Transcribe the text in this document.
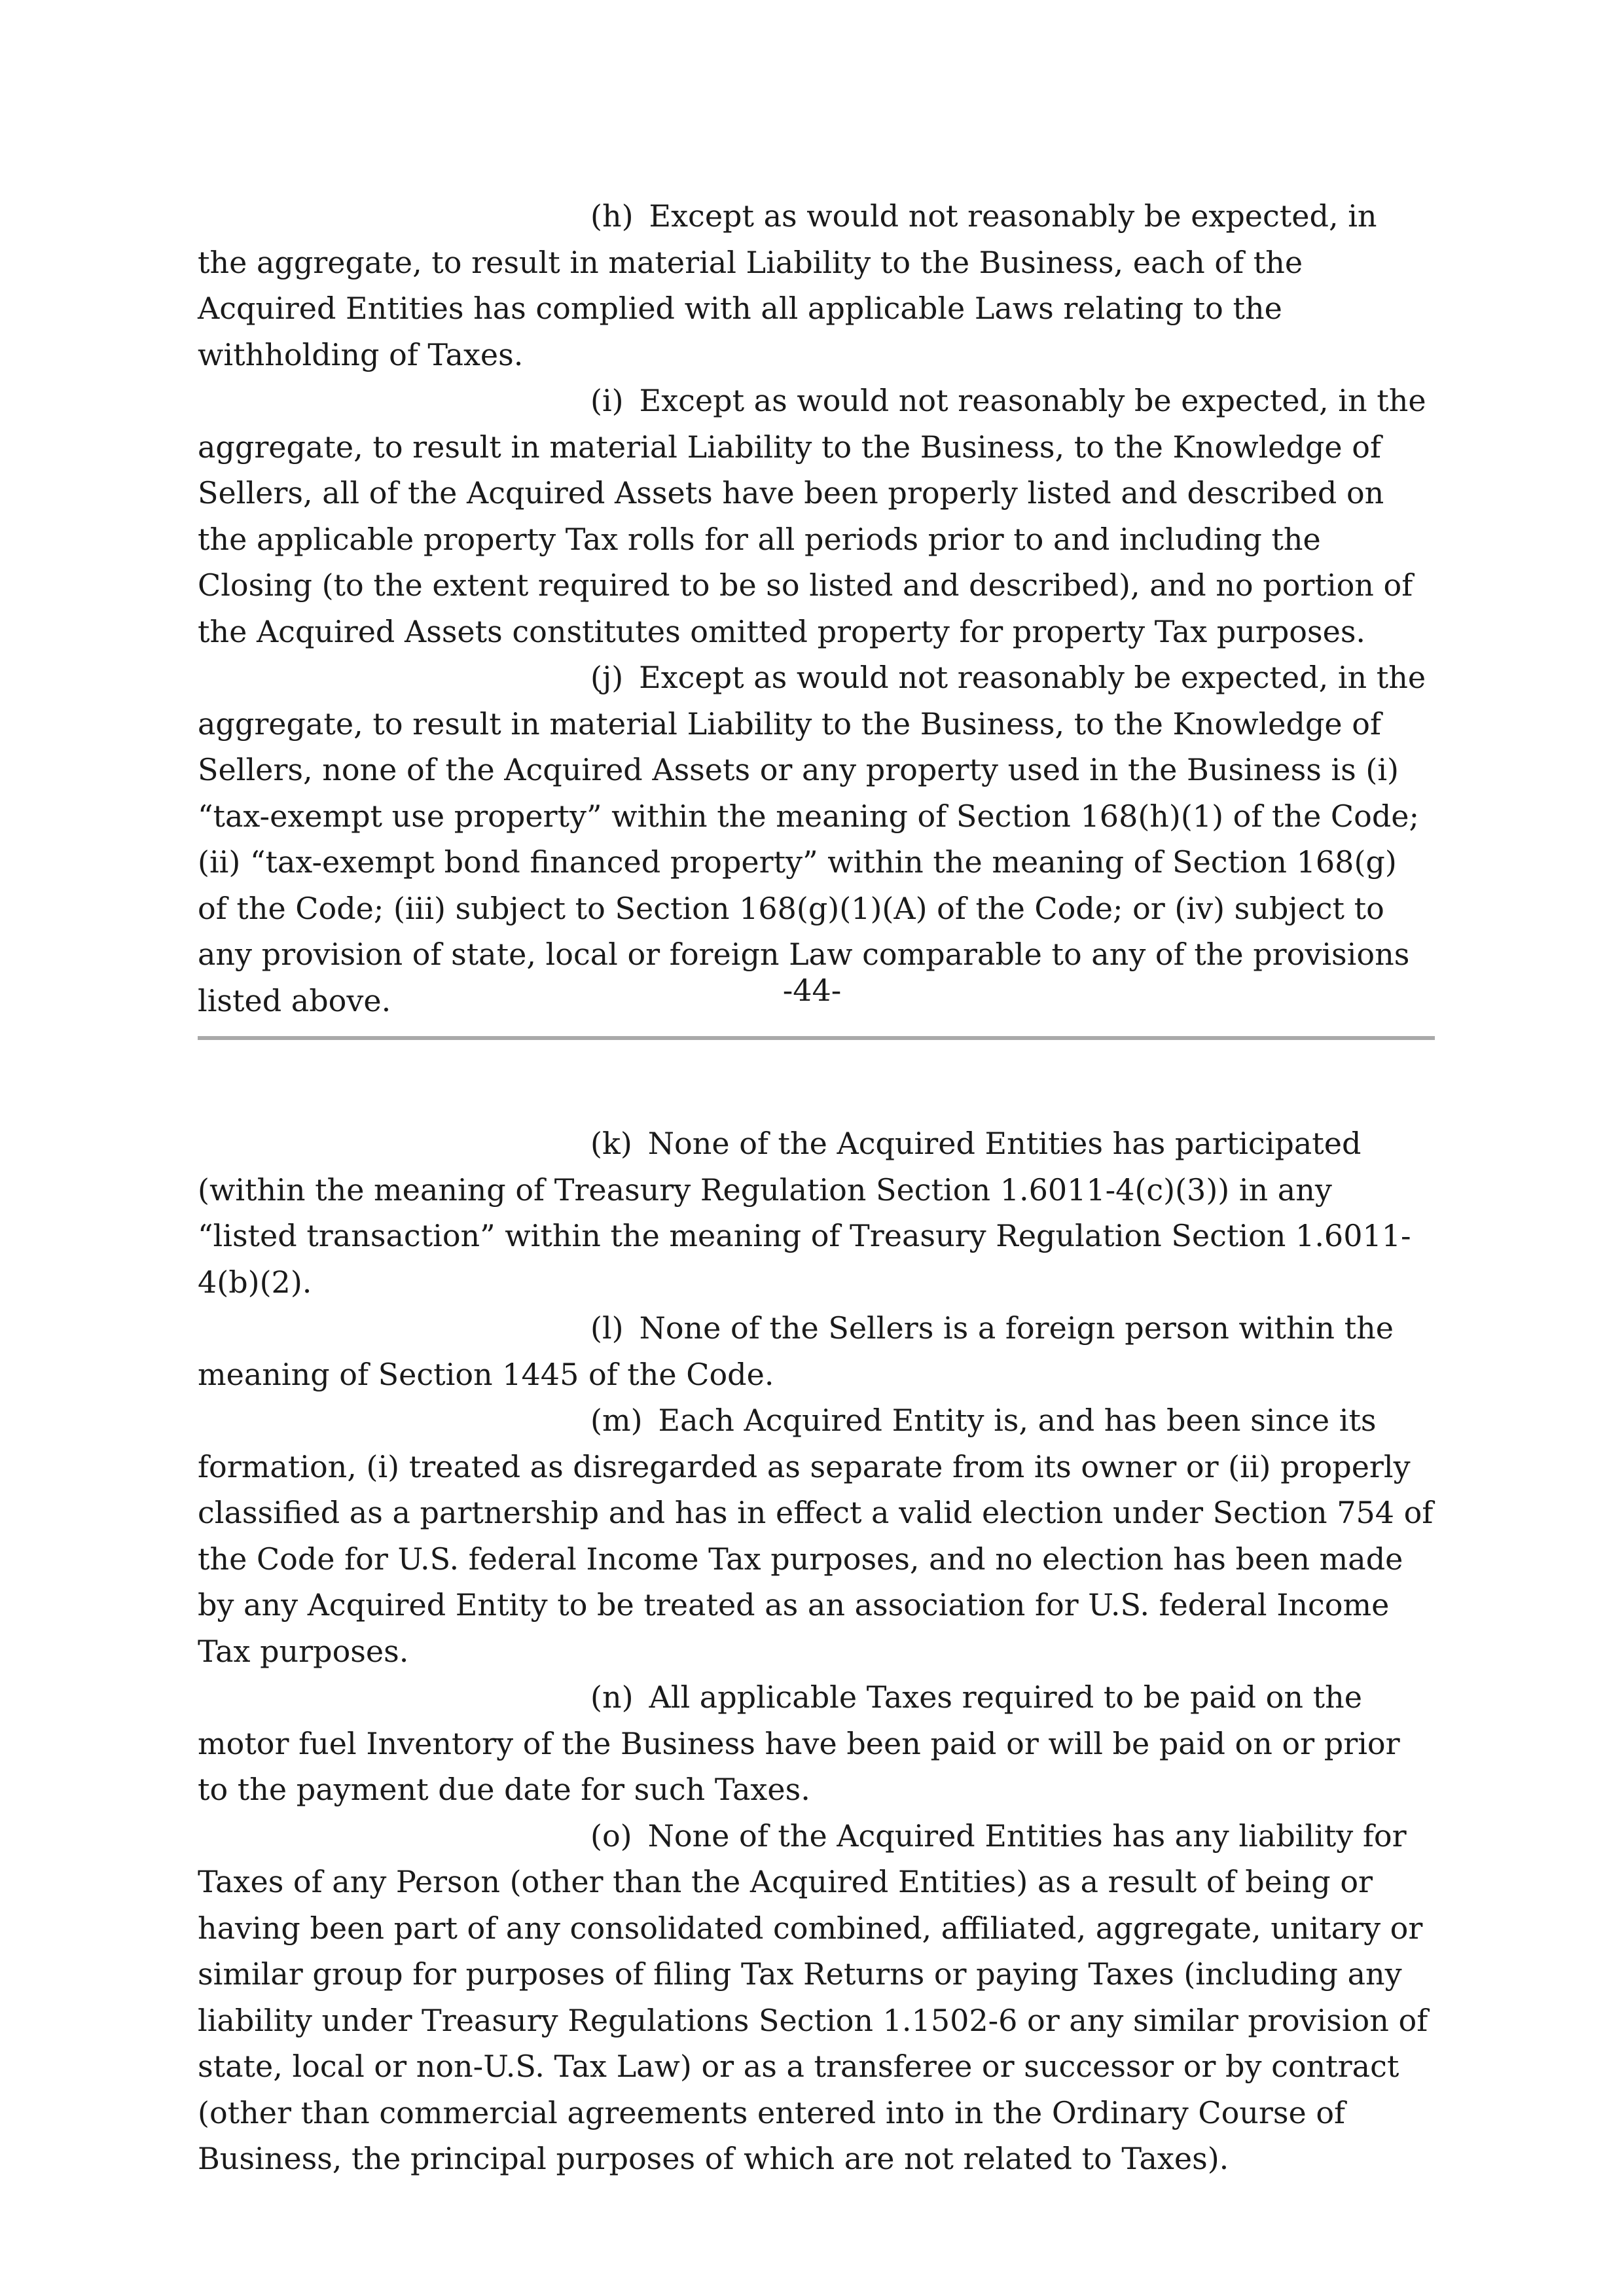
(h) Except as would not reasonably be expected, in the aggregate, to result in material Liability to the Business, each of the Acquired Entities has complied with all applicable Laws relating to the withholding of Taxes.

(i) Except as would not reasonably be expected, in the aggregate, to result in material Liability to the Business, to the Knowledge of Sellers, all of the Acquired Assets have been properly listed and described on the applicable property Tax rolls for all periods prior to and including the Closing (to the extent required to be so listed and described), and no portion of the Acquired Assets constitutes omitted property for property Tax purposes.

(j) Except as would not reasonably be expected, in the aggregate, to result in material Liability to the Business, to the Knowledge of Sellers, none of the Acquired Assets or any property used in the Business is (i) “tax-exempt use property” within the meaning of Section 168(h)(1) of the Code; (ii) “tax-exempt bond financed property” within the meaning of Section 168(g) of the Code; (iii) subject to Section 168(g)(1)(A) of the Code; or (iv) subject to any provision of state, local or foreign Law comparable to any of the provisions listed above.	-44-

(k) None of the Acquired Entities has participated (within the meaning of Treasury Regulation Section 1.6011-4(c)(3)) in any “listed transaction” within the meaning of Treasury Regulation Section 1.6011-4(b)(2).

(l) None of the Sellers is a foreign person within the meaning of Section 1445 of the Code.

(m) Each Acquired Entity is, and has been since its formation, (i) treated as disregarded as separate from its owner or (ii) properly classified as a partnership and has in effect a valid election under Section 754 of the Code for U.S. federal Income Tax purposes, and no election has been made by any Acquired Entity to be treated as an association for U.S. federal Income Tax purposes.

(n) All applicable Taxes required to be paid on the motor fuel Inventory of the Business have been paid or will be paid on or prior to the payment due date for such Taxes.

(o) None of the Acquired Entities has any liability for Taxes of any Person (other than the Acquired Entities) as a result of being or having been part of any consolidated combined, affiliated, aggregate, unitary or similar group for purposes of filing Tax Returns or paying Taxes (including any liability under Treasury Regulations Section 1.1502-6 or any similar provision of state, local or non-U.S. Tax Law) or as a transferee or successor or by contract (other than commercial agreements entered into in the Ordinary Course of Business, the principal purposes of which are not related to Taxes).
